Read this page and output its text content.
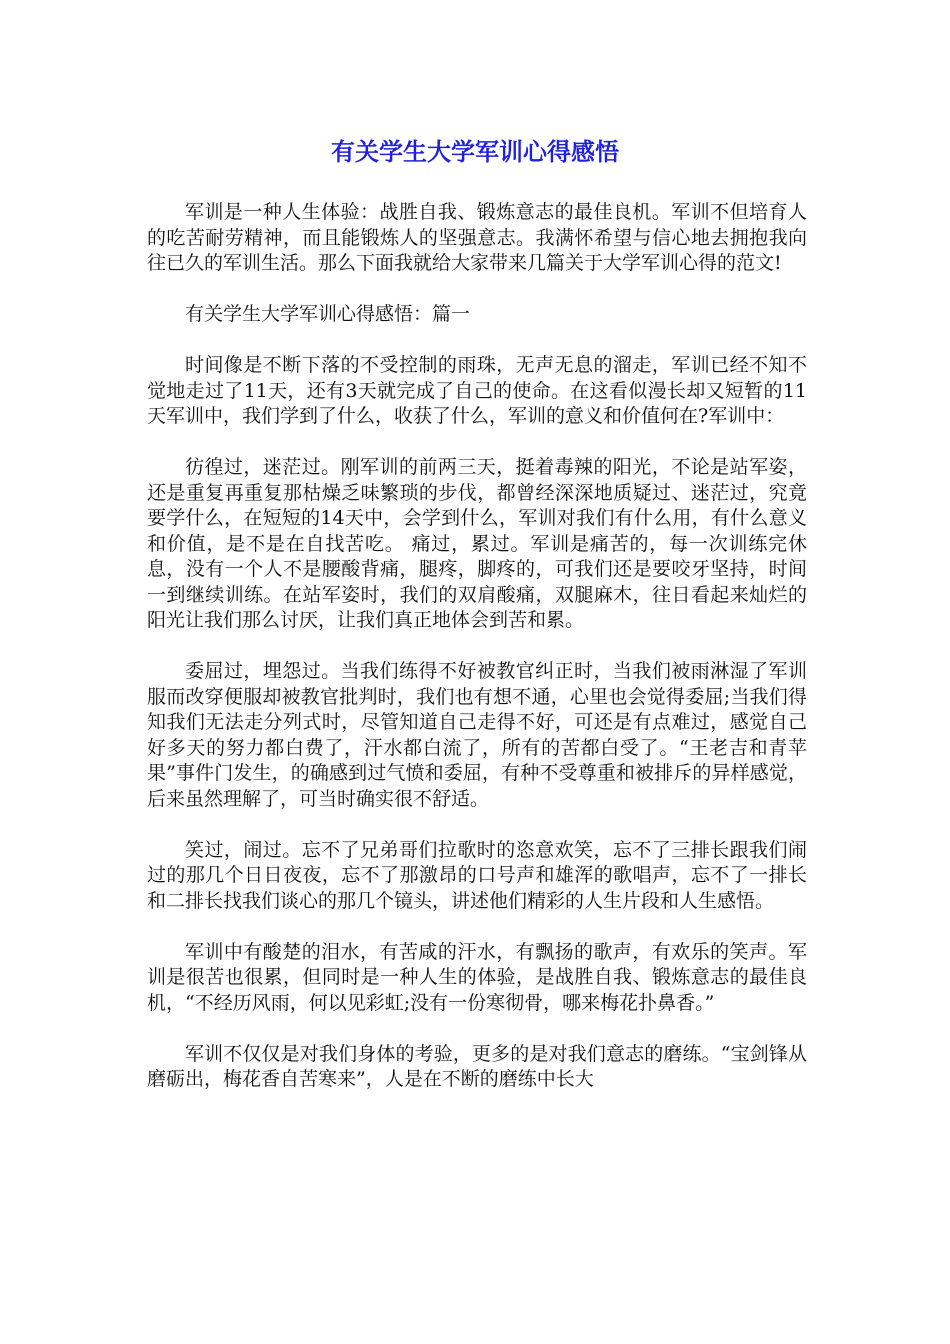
有关学生大学军训心得感悟

军训是一种人生体验：战胜自我、锻炼意志的最佳良机。军训不但培育人的吃苦耐劳精神，而且能锻炼人的坚强意志。我满怀希望与信心地去拥抱我向往已久的军训生活。那么下面我就给大家带来几篇关于大学军训心得的范文!

有关学生大学军训心得感悟：篇一

时间像是不断下落的不受控制的雨珠，无声无息的溜走，军训已经不知不觉地走过了11天，还有3天就完成了自己的使命。在这看似漫长却又短暂的11天军训中，我们学到了什么，收获了什么，军训的意义和价值何在?军训中：

彷徨过，迷茫过。刚军训的前两三天，挺着毒辣的阳光，不论是站军姿，还是重复再重复那枯燥乏味繁琐的步伐，都曾经深深地质疑过、迷茫过，究竟要学什么，在短短的14天中，会学到什么，军训对我们有什么用，有什么意义和价值，是不是在自找苦吃。 痛过，累过。军训是痛苦的，每一次训练完休息，没有一个人不是腰酸背痛，腿疼，脚疼的，可我们还是要咬牙坚持，时间一到继续训练。在站军姿时，我们的双肩酸痛，双腿麻木，往日看起来灿烂的阳光让我们那么讨厌，让我们真正地体会到苦和累。

委屈过，埋怨过。当我们练得不好被教官纠正时，当我们被雨淋湿了军训服而改穿便服却被教官批判时，我们也有想不通，心里也会觉得委屈;当我们得知我们无法走分列式时，尽管知道自己走得不好，可还是有点难过，感觉自己好多天的努力都白费了，汗水都白流了，所有的苦都白受了。“王老吉和青苹果”事件门发生，的确感到过气愤和委屈，有种不受尊重和被排斥的异样感觉，后来虽然理解了，可当时确实很不舒适。

笑过，闹过。忘不了兄弟哥们拉歌时的恣意欢笑，忘不了三排长跟我们闹过的那几个日日夜夜，忘不了那激昂的口号声和雄浑的歌唱声，忘不了一排长和二排长找我们谈心的那几个镜头，讲述他们精彩的人生片段和人生感悟。

军训中有酸楚的泪水，有苦咸的汗水，有飘扬的歌声，有欢乐的笑声。军训是很苦也很累，但同时是一种人生的体验，是战胜自我、锻炼意志的最佳良机，“不经历风雨，何以见彩虹;没有一份寒彻骨，哪来梅花扑鼻香。”

军训不仅仅是对我们身体的考验，更多的是对我们意志的磨练。“宝剑锋从磨砺出，梅花香自苦寒来”，人是在不断的磨练中长大
